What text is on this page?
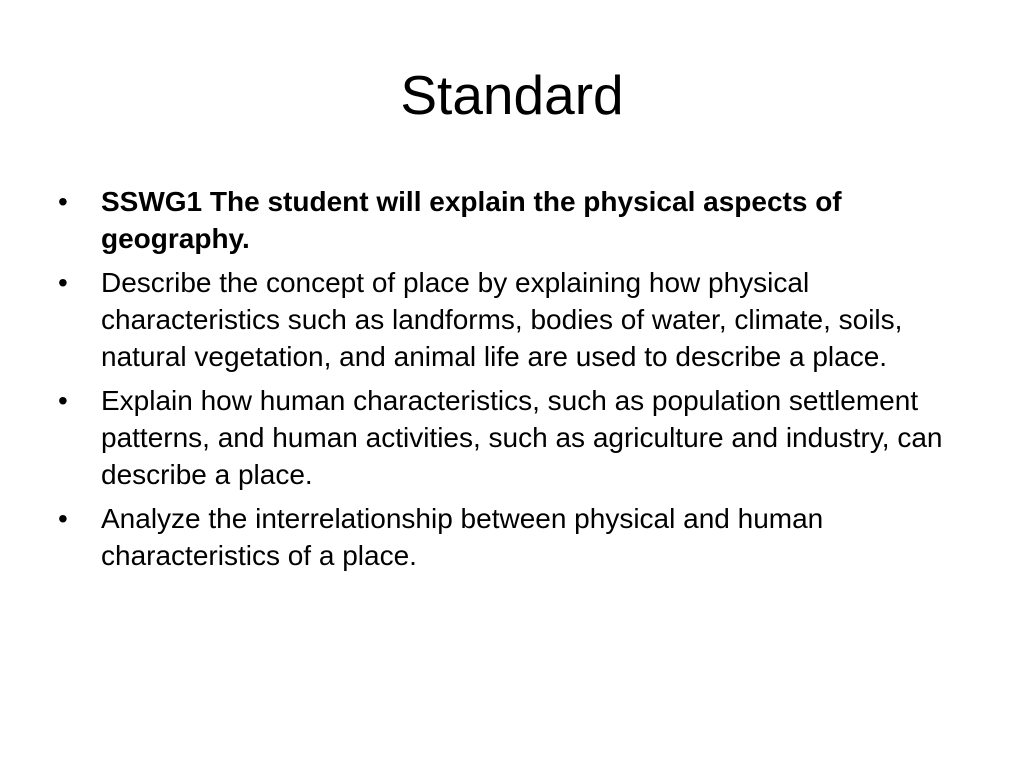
Standard
•	SSWG1 The student will explain the physical aspects of geography.
•	Describe the concept of place by explaining how physical characteristics such as landforms, bodies of water, climate, soils, natural vegetation, and animal life are used to describe a place.
•	Explain how human characteristics, such as population settlement patterns, and human activities, such as agriculture and industry, can describe a place.
•	Analyze the interrelationship between physical and human characteristics of a place.
